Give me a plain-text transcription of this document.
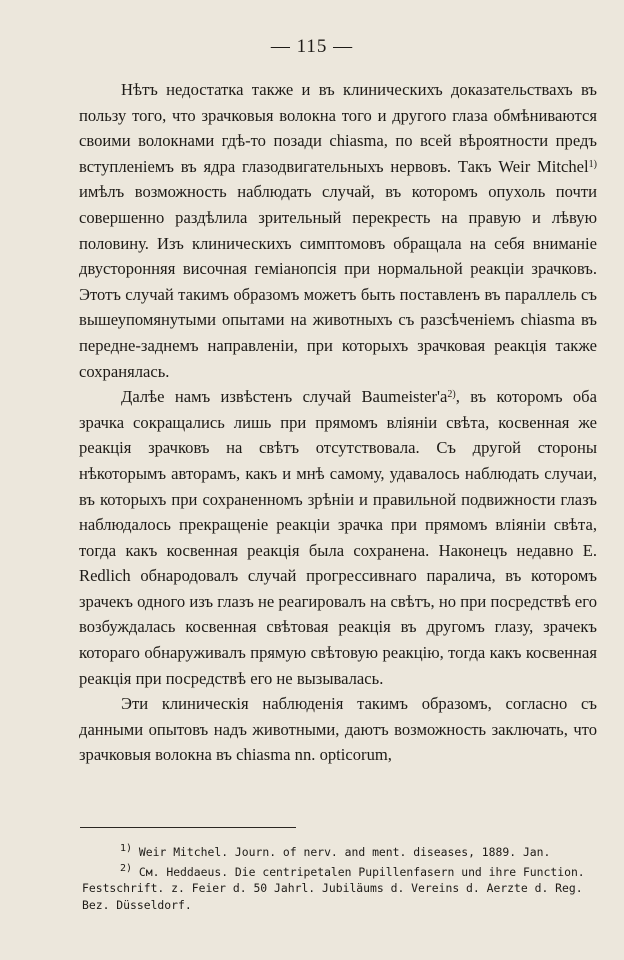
— 115 —

Нѣтъ недостатка также и въ клиническихъ доказательствахъ въ пользу того, что зрачковыя волокна того и другого глаза обмѣниваются своими волокнами гдѣ-то позади chiasma, по всей вѣроятности предъ вступленіемъ въ ядра глазодвигательныхъ нервовъ. Такъ Weir Mitchel$^{1)}$ имѣлъ возможность наблюдать случай, въ которомъ опухоль почти совершенно раздѣлила зрительный перекресть на правую и лѣвую половину. Изъ клиническихъ симптомовъ обращала на себя вниманіе двусторонняя височная геміанопсія при нормальной реакціи зрачковъ. Этотъ случай такимъ образомъ можетъ быть поставленъ въ параллель съ вышеупомянутыми опытами на животныхъ съ разсѣченіемъ chiasma въ передне-заднемъ направленіи, при которыхъ зрачковая реакція также сохранялась.

Далѣе намъ извѣстенъ случай $Baumeister'а^{2)}$, въ которомъ оба зрачка сокращались лишь при прямомъ вліяніи свѣта, косвенная же реакція зрачковъ на свѣтъ отсутствовала. Съ другой стороны нѣкоторымъ авторамъ, какъ и мнѣ самому, удавалось наблюдать случаи, въ которыхъ при сохраненномъ зрѣніи и правильной подвижности глазъ наблюдалось прекращеніе реакціи зрачка при прямомъ вліяніи свѣта, тогда какъ косвенная реакція была сохранена. Наконецъ недавно E. Redlich обнародовалъ случай прогрессивнаго паралича, въ которомъ зрачекъ одного изъ глазъ не реагировалъ на свѣтъ, но при посредствѣ его возбуждалась косвенная свѣтовая реакція въ другомъ глазу, зрачекъ котораго обнаруживалъ прямую свѣтовую реакцію, тогда какъ косвенная реакція при посредствѣ его не вызывалась.

Эти клиническія наблюденія такимъ образомъ, согласно съ данными опытовъ надъ животными, даютъ возможность заключать, что зрачковыя волокна въ chiasma nn. opticorum,

$^{1)}$ Weir Mitchel. Journ. of nerv. and ment. diseases, 1889. Jan.

$^{2)}$ Cм. Heddaeus. Die centripetalen Pupillenfasern und ihre Function. Festschrift. z. Feier d. 50 Jahrl. Jubiläums d. Vereins d. Aerzte d. Reg. Bez. Düsseldorf.
